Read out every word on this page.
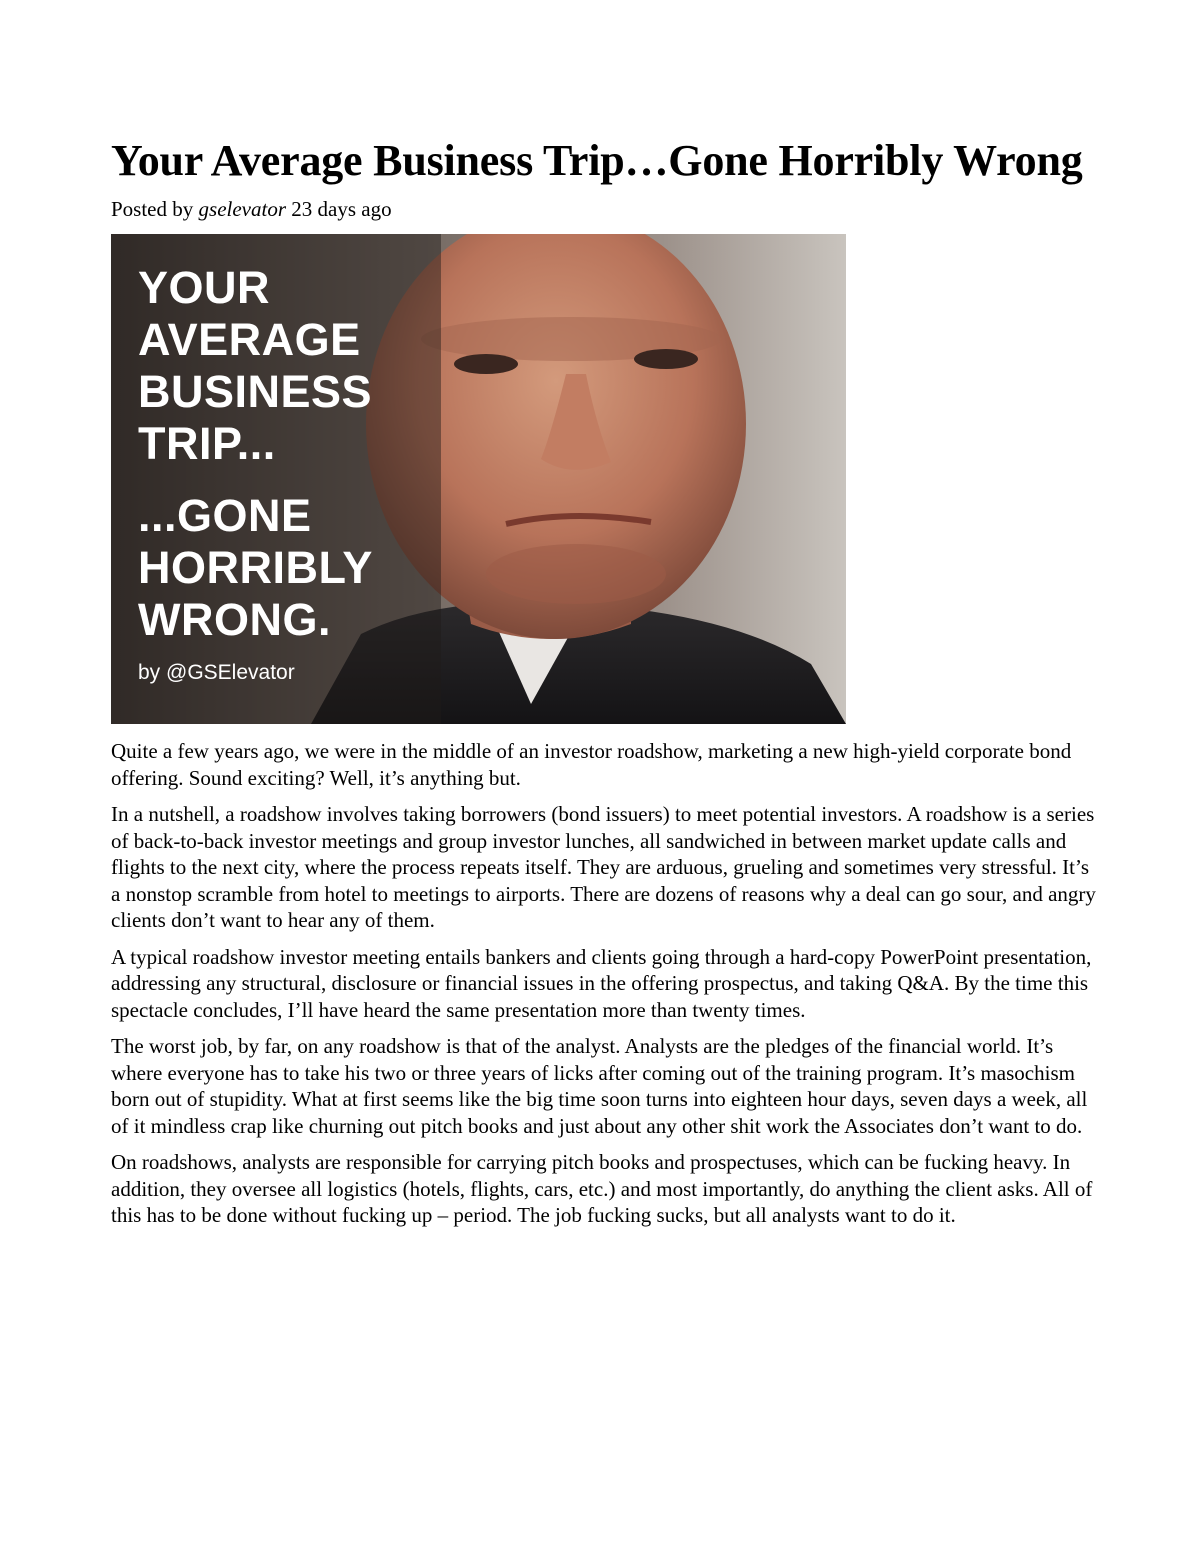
Your Average Business Trip…Gone Horribly Wrong
Posted by gselevator 23 days ago
YOUR
AVERAGE
BUSINESS
TRIP...
...GONE
HORRIBLY
WRONG.
by @GSElevator

Quite a few years ago, we were in the middle of an investor roadshow, marketing a new high-yield corporate bond offering. Sound exciting? Well, it’s anything but.

In a nutshell, a roadshow involves taking borrowers (bond issuers) to meet potential investors. A roadshow is a series of back-to-back investor meetings and group investor lunches, all sandwiched in between market update calls and flights to the next city, where the process repeats itself. They are arduous, grueling and sometimes very stressful. It’s a nonstop scramble from hotel to meetings to airports. There are dozens of reasons why a deal can go sour, and angry clients don’t want to hear any of them.

A typical roadshow investor meeting entails bankers and clients going through a hard-copy PowerPoint presentation, addressing any structural, disclosure or financial issues in the offering prospectus, and taking Q&A. By the time this spectacle concludes, I’ll have heard the same presentation more than twenty times.

The worst job, by far, on any roadshow is that of the analyst. Analysts are the pledges of the financial world. It’s where everyone has to take his two or three years of licks after coming out of the training program. It’s masochism born out of stupidity. What at first seems like the big time soon turns into eighteen hour days, seven days a week, all of it mindless crap like churning out pitch books and just about any other shit work the Associates don’t want to do.

On roadshows, analysts are responsible for carrying pitch books and prospectuses, which can be fucking heavy. In addition, they oversee all logistics (hotels, flights, cars, etc.) and most importantly, do anything the client asks. All of this has to be done without fucking up – period. The job fucking sucks, but all analysts want to do it.
